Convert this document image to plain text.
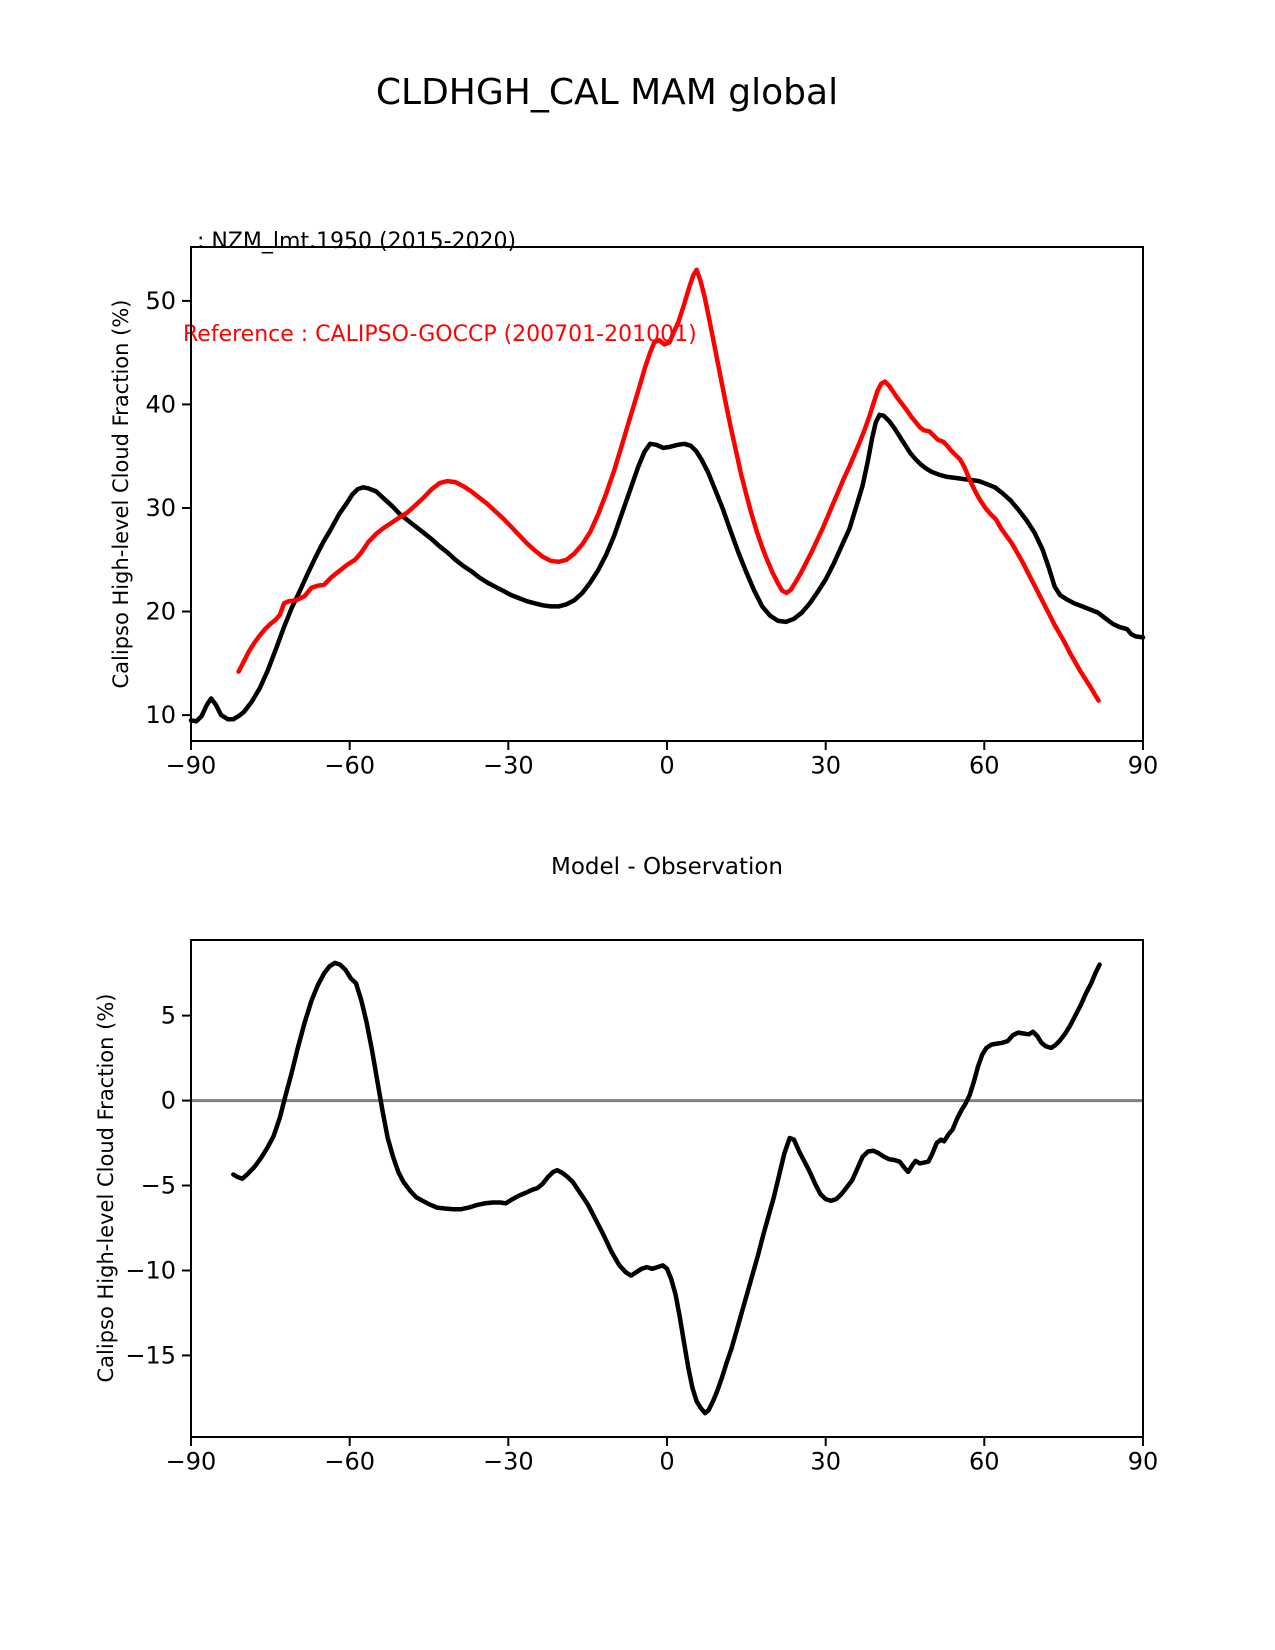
CLDHGH_CAL MAM global

: NZM_lmt.1950 (2015-2020)

Reference : CALIPSO-GOCCP (200701-201001)

Calipso High-level Cloud Fraction (%)
Calipso High-level Cloud Fraction (%)
Model - Observation
−90	−60	−30	0	30	60	90
10
20
30
40
50
−90	−60	−30	0	30	60	90
5
0
−5
−10
−15
